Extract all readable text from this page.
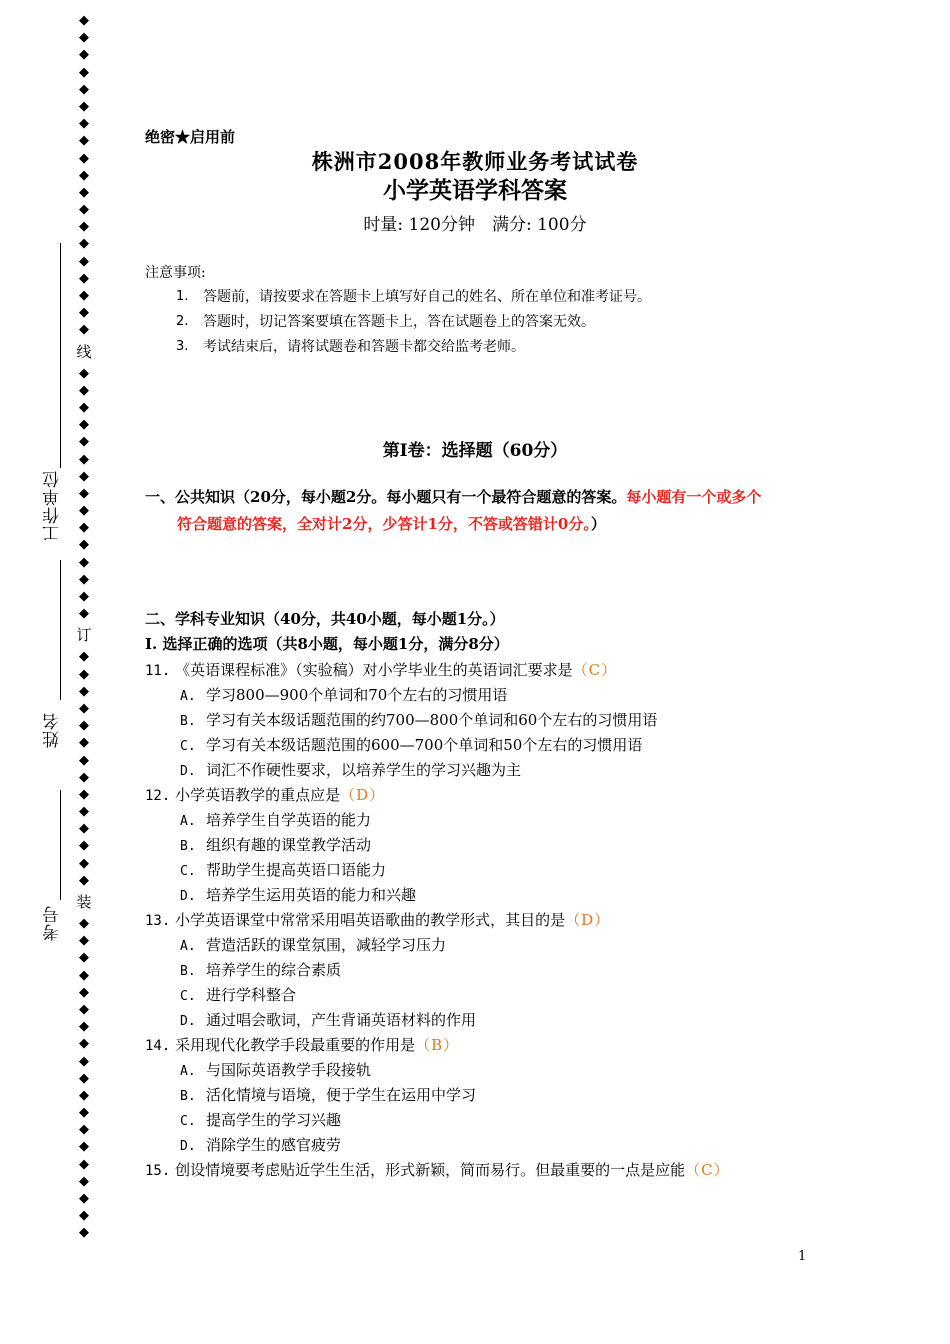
◆
◆
◆
◆
◆
◆
◆
◆
◆
◆
◆
◆
◆
◆
◆
◆
◆
◆
◆
线
◆
◆
◆
◆
◆
◆
◆
◆
◆
◆
◆
◆
◆
◆
◆
订
◆
◆
◆
◆
◆
◆
◆
◆
◆
◆
◆
◆
◆
◆
装
◆
◆
◆
◆
◆
◆
◆
◆
◆
◆
◆
◆
◆
◆
◆
◆
◆
◆
◆
工作单位
姓名
考号
绝密★启用前
株洲市2008年教师业务考试试卷
小学英语学科答案
时量: 120分钟　满分: 100分
注意事项:
1.	答题前，请按要求在答题卡上填写好自己的姓名、所在单位和准考证号。
2.	答题时，切记答案要填在答题卡上，答在试题卷上的答案无效。
3.	考试结束后，请将试题卷和答题卡都交给监考老师。
第Ⅰ卷：选择题（60分）
一、公共知识（20分，每小题2分。每小题只有一个最符合题意的答案。每小题有一个或多个
符合题意的答案，全对计2分，少答计1分，不答或答错计0分。）
二、学科专业知识（40分，共40小题，每小题1分。）
Ⅰ. 选择正确的选项（共8小题，每小题1分，满分8分）
11. 《英语课程标准》（实验稿）对小学毕业生的英语词汇要求是（C）
A. 学习800—900个单词和70个左右的习惯用语
B. 学习有关本级话题范围的约700—800个单词和60个左右的习惯用语
C. 学习有关本级话题范围的600—700个单词和50个左右的习惯用语
D. 词汇不作硬性要求，以培养学生的学习兴趣为主
12. 小学英语教学的重点应是（D）
A. 培养学生自学英语的能力
B. 组织有趣的课堂教学活动
C. 帮助学生提高英语口语能力
D. 培养学生运用英语的能力和兴趣
13. 小学英语课堂中常常采用唱英语歌曲的教学形式，其目的是（D）
A. 营造活跃的课堂氛围，减轻学习压力
B. 培养学生的综合素质
C. 进行学科整合
D. 通过唱会歌词，产生背诵英语材料的作用
14. 采用现代化教学手段最重要的作用是（B）
A. 与国际英语教学手段接轨
B. 活化情境与语境，便于学生在运用中学习
C. 提高学生的学习兴趣
D. 消除学生的感官疲劳
15. 创设情境要考虑贴近学生生活，形式新颖，简而易行。但最重要的一点是应能（C）
1
